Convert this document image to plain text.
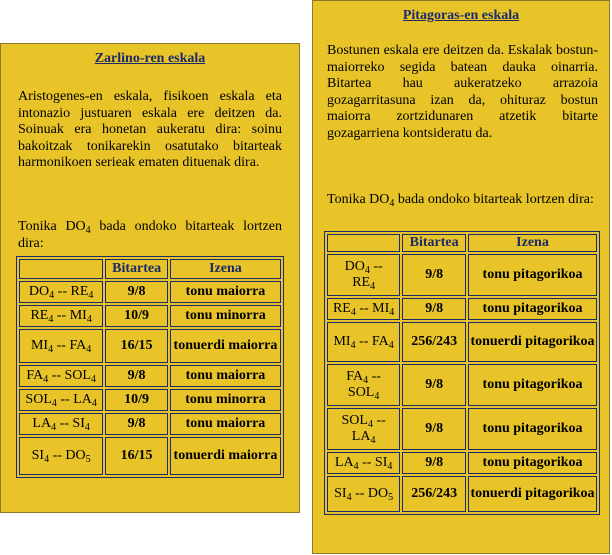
Zarlino-ren eskala

Aristogenes-en eskala, fisikoen eskala eta intonazio justuaren eskala ere deitzen da. Soinuak era honetan aukeratu dira: soinu bakoitzak tonikarekin osatutako bitarteak harmonikoen serieak ematen dituenak dira.

Tonika $DO_4$ bada ondoko bitarteak lortzen dira:

	Bitartea	Izena
$DO_4 -- RE_4$	9/8	tonu maiorra
$RE_4 -- MI_4$	10/9	tonu minorra
$MI_4 -- FA_4$	16/15	tonuerdi maiorra
$FA_4 -- SOL_4$	9/8	tonu maiorra
$SOL_4 -- LA_4$	10/9	tonu minorra
$LA_4 -- SI_4$	9/8	tonu maiorra
$SI_4 -- DO_5$	16/15	tonuerdi maiorra
Pitagoras-en eskala

Bostunen eskala ere deitzen da. Eskalak bostun-maiorreko segida batean dauka oinarria. Bitartea hau aukeratzeko arrazoia gozagarritasuna izan da, ohituraz bostun maiorra zortzidunaren atzetik bitarte gozagarriena kontsideratu da.

Tonika $DO_4$ bada ondoko bitarteak lortzen dira:

	Bitartea	Izena
$DO_4$ --
$RE_4$	9/8	tonu pitagorikoa
$RE_4 -- MI_4$	9/8	tonu pitagorikoa
$MI_4 -- FA_4$	256/243	tonuerdi pitagorikoa
$FA_4$ --
$SOL_4$	9/8	tonu pitagorikoa
$SOL_4$ --
$LA_4$	9/8	tonu pitagorikoa
$LA_4 -- SI_4$	9/8	tonu pitagorikoa
$SI_4 -- DO_5$	256/243	tonuerdi pitagorikoa
